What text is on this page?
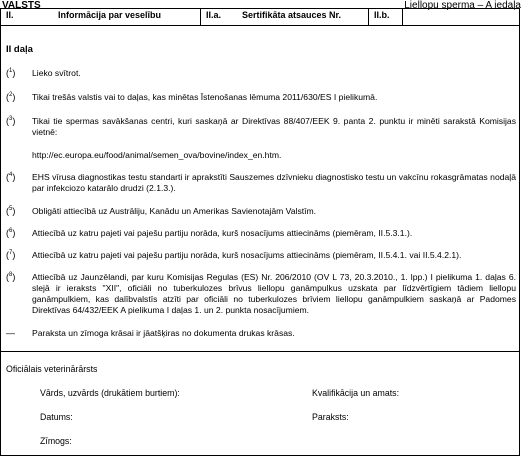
VALSTS	Liellopu sperma – A iedaļa
II.	Informācija par veselību	II.a. Sertifikāta atsauces Nr.	II.b.
II daļa
($^1$) Lieko svītrot.
($^2$) Tikai trešās valstis vai to daļas, kas minētas Īstenošanas lēmuma 2011/630/ES I pielikumā.
($^3$) Tikai tie spermas savākšanas centri, kuri saskaņā ar Direktīvas 88/407/EEK 9. panta 2. punktu ir minēti sarakstā Komisijas vietnē:
http://ec.europa.eu/food/animal/semen_ova/bovine/index_en.htm.
($^4$) EHS vīrusa diagnostikas testu standarti ir aprakstīti Sauszemes dzīvnieku diagnostisko testu un vakcīnu rokasgrāmatas nodaļā par infekciozo katarālo drudzi (2.1.3.).
($^5$) Obligāti attiecībā uz Austrāliju, Kanādu un Amerikas Savienotajām Valstīm.
($^6$) Attiecībā uz katru pajeti vai paješu partiju norāda, kurš nosacījums attiecināms (piemēram, II.5.3.1.).
($^7$) Attiecībā uz katru pajeti vai paješu partiju norāda, kurš nosacījums attiecināms (piemēram, II.5.4.1. vai II.5.4.2.1).
($^8$) Attiecībā uz Jaunzēlandi, par kuru Komisijas Regulas (ES) Nr. 206/2010 (OV L 73, 20.3.2010., 1. lpp.) I pielikuma 1. daļas 6. slejā ir ieraksts "XII", oficiāli no tuberkulozes brīvus liellopu ganāmpulkus uzskata par līdzvērtīgiem tādiem liellopu ganāmpulkiem, kas dalībvalstīs atzīti par oficiāli no tuberkulozes brīviem liellopu ganāmpulkiem saskaņā ar Padomes Direktīvas 64/432/EEK A pielikuma I daļas 1. un 2. punkta nosacījumiem.
— Paraksta un zīmoga krāsai ir jāatšķiras no dokumenta drukas krāsas.
Oficiālais veterinārārsts
Vārds, uzvārds (drukātiem burtiem):	Kvalifikācija un amats:
Datums:	Paraksts:
Zīmogs:
